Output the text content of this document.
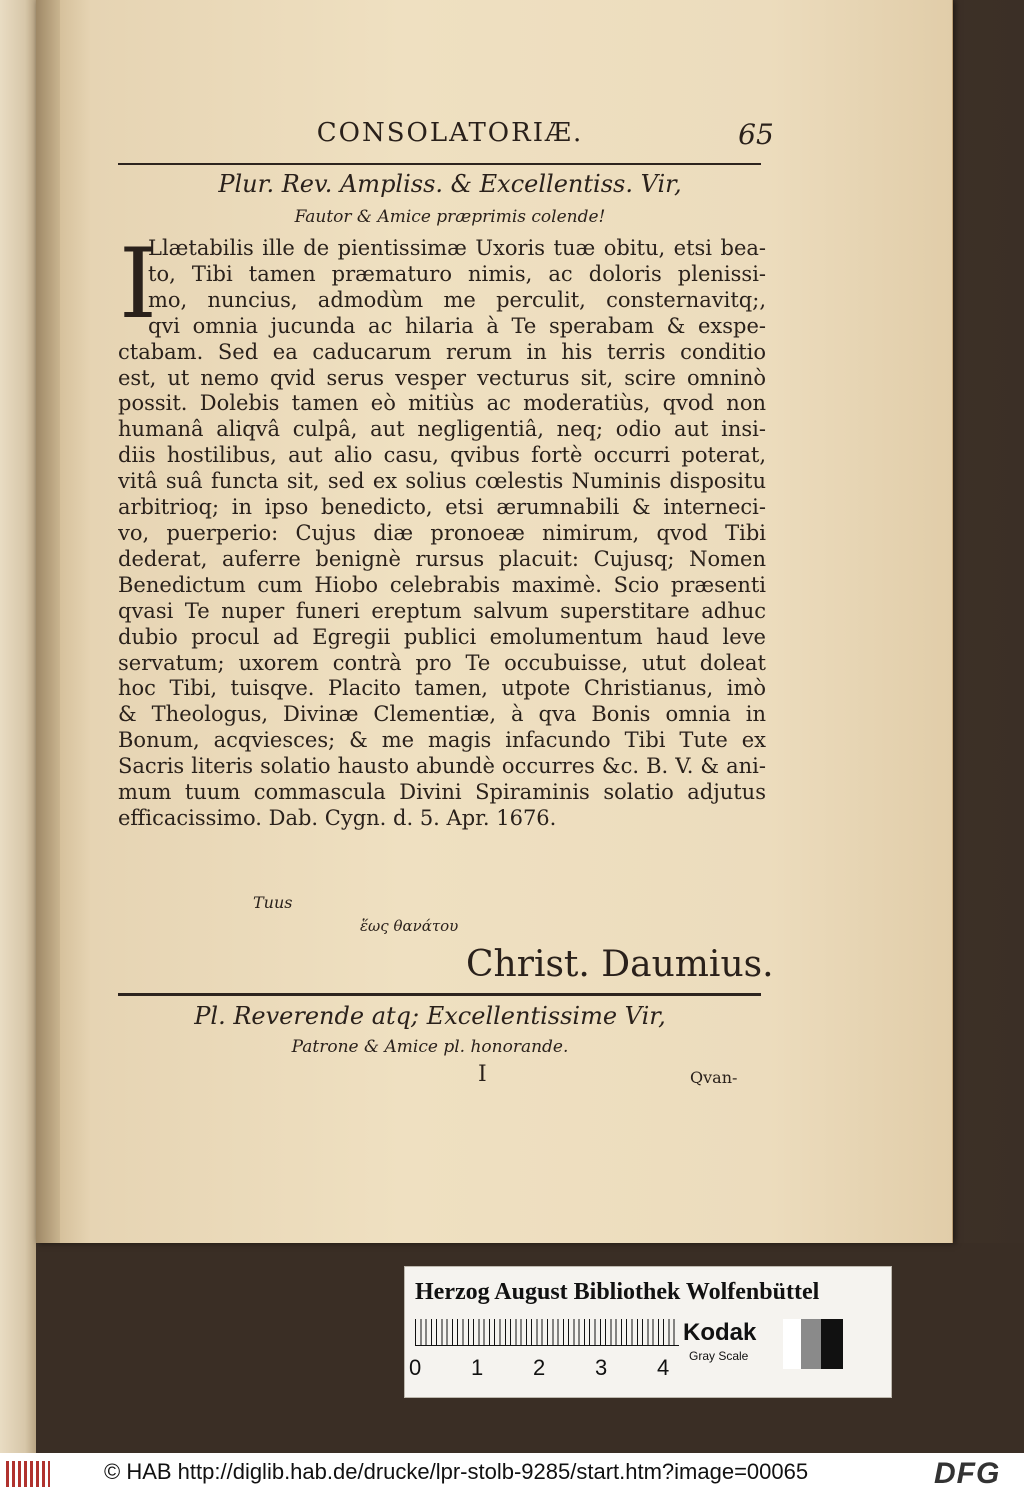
CONSOLATORIÆ.	65
Plur. Rev. Ampliss. & Excellentiss. Vir,
Fautor & Amice præprimis colende!
I
Llætabilis ille de pientissimæ Uxoris tuæ obitu, etsi bea-
to, Tibi tamen præmaturo nimis, ac doloris plenissi-
mo, nuncius, admodùm me perculit, consternavitq;,
qvi omnia jucunda ac hilaria à Te sperabam & exspe-
ctabam. Sed ea caducarum rerum in his terris conditio
est, ut nemo qvid serus vesper vecturus sit, scire omninò
possit. Dolebis tamen eò mitiùs ac moderatiùs, qvod non
humanâ aliqvâ culpâ, aut negligentiâ, neq; odio aut insi-
diis hostilibus, aut alio casu, qvibus fortè occurri poterat,
vitâ suâ functa sit, sed ex solius cœlestis Numinis dispositu
arbitrioq; in ipso benedicto, etsi ærumnabili & interneci-
vo, puerperio: Cujus diæ pronoeæ nimirum, qvod Tibi
dederat, auferre benignè rursus placuit: Cujusq; Nomen
Benedictum cum Hiobo celebrabis maximè. Scio præsenti
qvasi Te nuper funeri ereptum salvum superstitare adhuc
dubio procul ad Egregii publici emolumentum haud leve
servatum; uxorem contrà pro Te occubuisse, utut doleat
hoc Tibi, tuisqve. Placito tamen, utpote Christianus, imò
& Theologus, Divinæ Clementiæ, à qva Bonis omnia in
Bonum, acqviesces; & me magis infacundo Tibi Tute ex
Sacris literis solatio hausto abundè occurres &c. B. V. & ani-
mum tuum commascula Divini Spiraminis solatio adjutus
efficacissimo. Dab. Cygn. d. 5. Apr. 1676.
Tuus
ἕως θανάτου
Christ. Daumius.
Pl. Reverende atq; Excellentissime Vir,
Patrone & Amice pl. honorande.
I	Qvan-
Herzog August Bibliothek Wolfenbüttel
0 1 2 3 4
Kodak
Gray Scale
© HAB http://diglib.hab.de/drucke/lpr-stolb-9285/start.htm?image=00065	DFG
